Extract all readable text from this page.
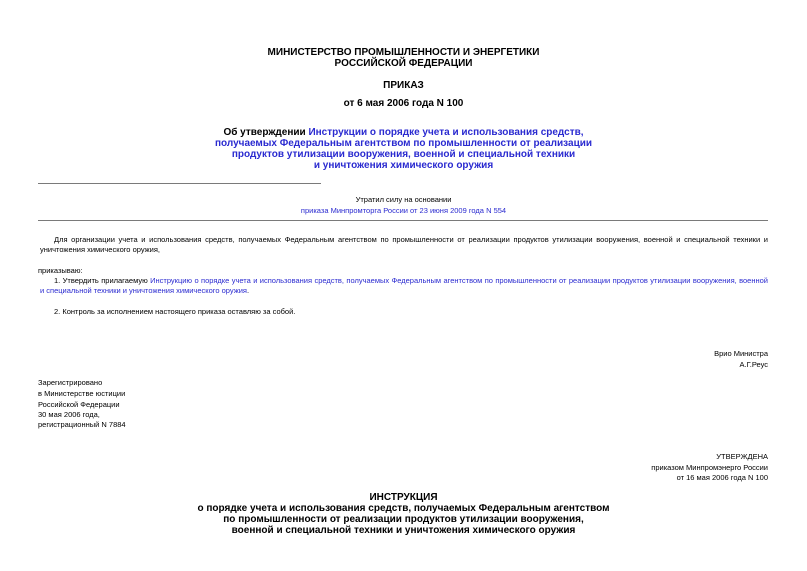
МИНИСТЕРСТВО ПРОМЫШЛЕННОСТИ И ЭНЕРГЕТИКИ
РОССИЙСКОЙ ФЕДЕРАЦИИ
ПРИКАЗ
от 6 мая 2006 года N 100
Об утверждении Инструкции о порядке учета и использования средств,
получаемых Федеральным агентством по промышленности от реализации
продуктов утилизации вооружения, военной и специальной техники
и уничтожения химического оружия
Утратил силу на основании
приказа Минпромторга России от 23 июня 2009 года N 554
Для организации учета и использования средств, получаемых Федеральным агентством по промышленности от реализации продуктов утилизации вооружения, военной и специальной техники и уничтожения химического оружия,
приказываю:
1. Утвердить прилагаемую Инструкцию о порядке учета и использования средств, получаемых Федеральным агентством по промышленности от реализации продуктов утилизации вооружения, военной и специальной техники и уничтожения химического оружия.
2. Контроль за исполнением настоящего приказа оставляю за собой.
Врио Министра
А.Г.Реус
Зарегистрировано
в Министерстве юстиции
Российской Федерации
30 мая 2006 года,
регистрационный N 7884
УТВЕРЖДЕНА
приказом Минпромэнерго России
от 16 мая 2006 года N 100
ИНСТРУКЦИЯ
о порядке учета и использования средств, получаемых Федеральным агентством
по промышленности от реализации продуктов утилизации вооружения,
военной и специальной техники и уничтожения химического оружия
